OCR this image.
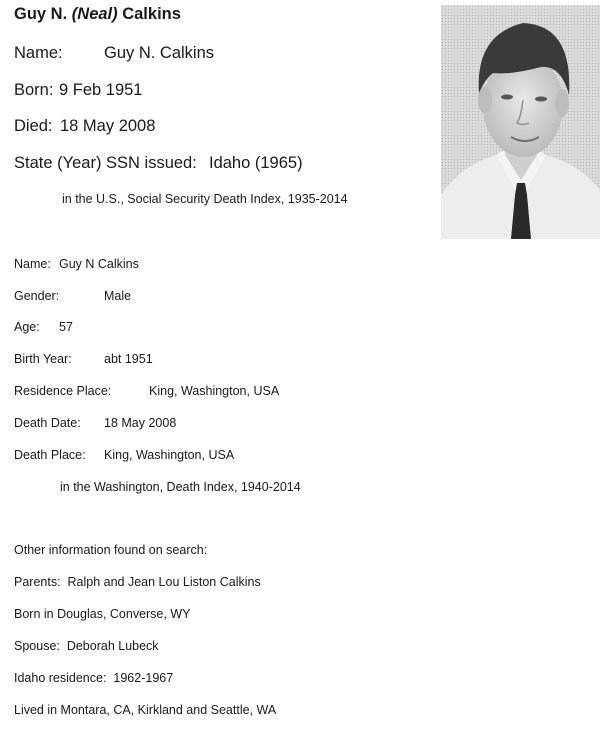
Guy N. (Neal) Calkins
Name:	Guy N. Calkins
Born: 9 Feb 1951
Died: 18 May 2008
State (Year) SSN issued: Idaho (1965)
in the U.S., Social Security Death Index, 1935-2014
Name: Guy N Calkins
Gender:	Male
Age: 57
Birth Year:	abt 1951
Residence Place:	King, Washington, USA
Death Date: 18 May 2008
Death Place: King, Washington, USA
in the Washington, Death Index, 1940-2014
Other information found on search:
Parents: Ralph and Jean Lou Liston Calkins
Born in Douglas, Converse, WY
Spouse: Deborah Lubeck
Idaho residence: 1962-1967
Lived in Montara, CA, Kirkland and Seattle, WA
